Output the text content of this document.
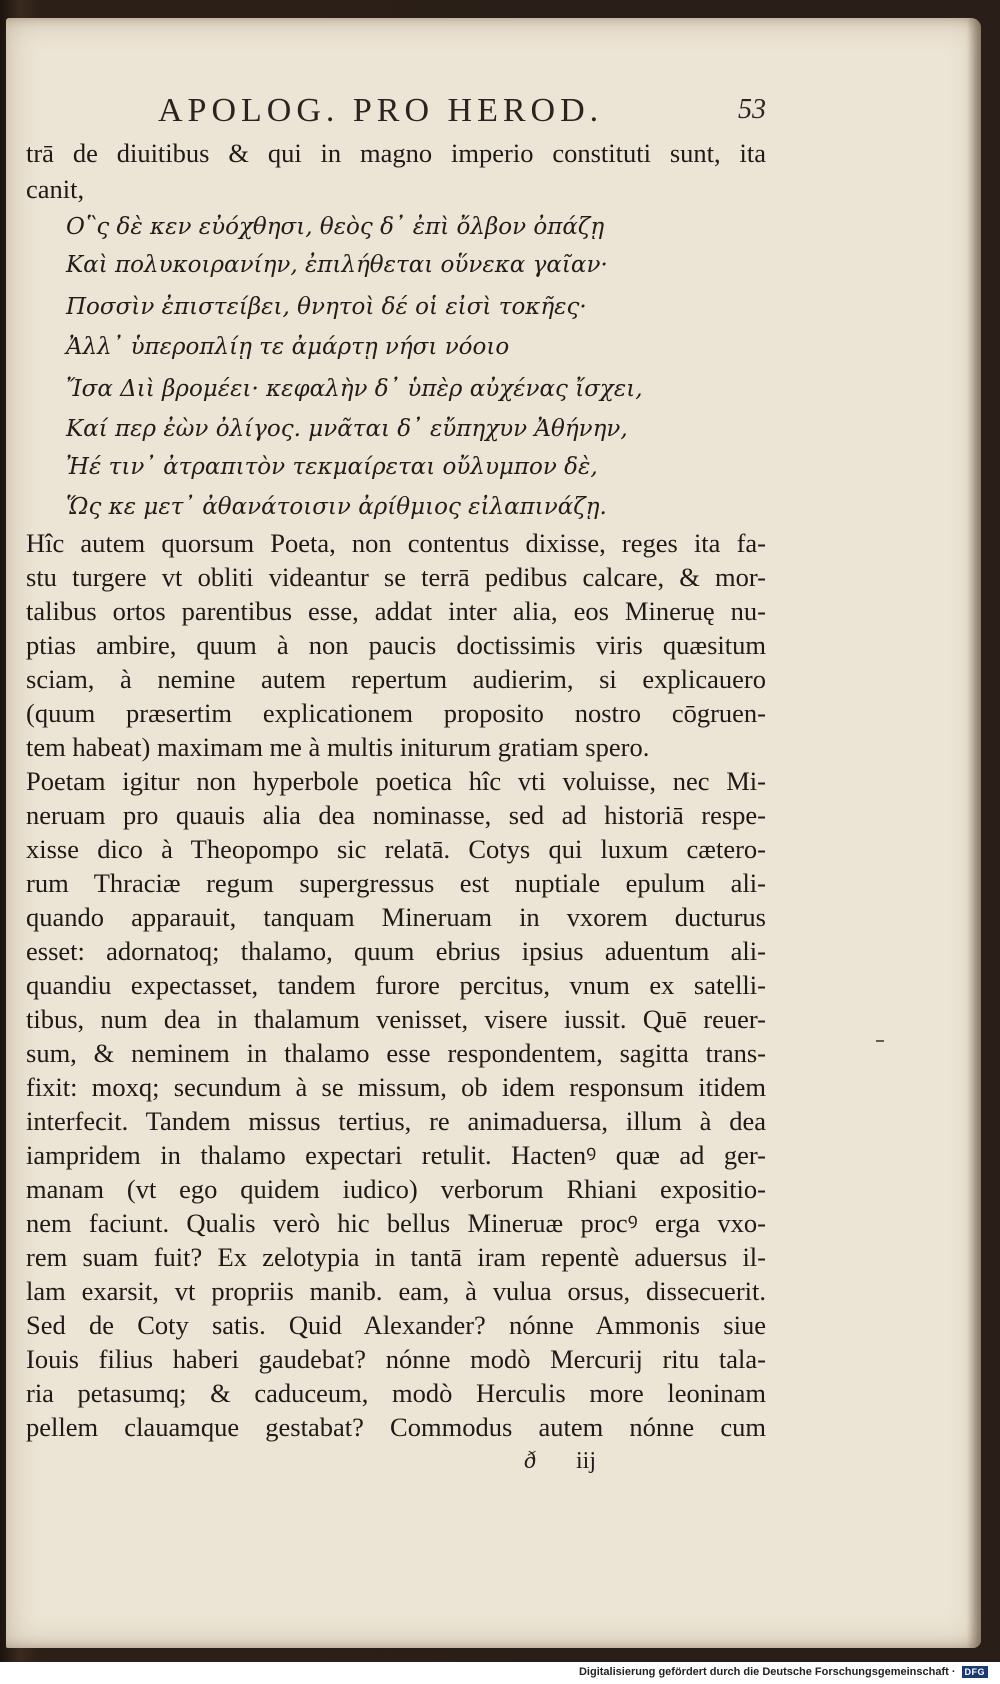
APOLOG. PRO HEROD.	53
trā de diuitibus & qui in magno imperio constituti sunt, ita
canit,
Ο῝ς δὲ κεν εὐόχθησι, θεὸς δ᾽ ἐπὶ ὄλβον ὀπάζῃ
Καὶ πολυκοιρανίην, ἐπιλήθεται οὕνεκα γαῖαν·
Ποσσὶν ἐπιστείβει, θνητοὶ δέ οἱ εἰσὶ τοκῆες·
Ἀλλ᾽ ὑπεροπλίῃ τε ἀμάρτῃ νήσι νόοιο
Ἴσα Διὶ βρομέει· κεφαλὴν δ᾽ ὑπὲρ αὐχένας ἴσχει,
Καί περ ἐὼν ὀλίγος. μνᾶται δ᾽ εὔπηχυν Ἀθήνην,
Ἠέ τιν᾽ ἀτραπιτὸν τεκμαίρεται οὔλυμπον δὲ,
Ὥς κε μετ᾽ ἀθανάτοισιν ἀρίθμιος εἰλαπινάζῃ.
Hîc autem quorsum Poeta, non contentus dixisse, reges ita fa-
stu turgere vt obliti videantur se terrā pedibus calcare, & mor-
talibus ortos parentibus esse, addat inter alia, eos Mineruę nu-
ptias ambire, quum à non paucis doctissimis viris quæsitum
sciam, à nemine autem repertum audierim, si explicauero
(quum præsertim explicationem proposito nostro cōgruen-
tem habeat) maximam me à multis initurum gratiam spero.
Poetam igitur non hyperbole poetica hîc vti voluisse, nec Mi-
neruam pro quauis alia dea nominasse, sed ad historiā respe-
xisse dico à Theopompo sic relatā. Cotys qui luxum cætero-
rum Thraciæ regum supergressus est nuptiale epulum ali-
quando apparauit, tanquam Mineruam in vxorem ducturus
esset: adornatoq; thalamo, quum ebrius ipsius aduentum ali-
quandiu expectasset, tandem furore percitus, vnum ex satelli-
tibus, num dea in thalamum venisset, visere iussit. Quē reuer-
sum, & neminem in thalamo esse respondentem, sagitta trans-
fixit: moxq; secundum à se missum, ob idem responsum itidem
interfecit. Tandem missus tertius, re animaduersa, illum à dea
iampridem in thalamo expectari retulit. Hactenꝰ quæ ad ger-
manam (vt ego quidem iudico) verborum Rhiani expositio-
nem faciunt. Qualis verò hic bellus Mineruæ procꝰ erga vxo-
rem suam fuit? Ex zelotypia in tantā iram repentè aduersus il-
lam exarsit, vt propriis manib. eam, à vulua orsus, dissecuerit.
Sed de Coty satis. Quid Alexander? nónne Ammonis siue
Iouis filius haberi gaudebat? nónne modò Mercurij ritu tala-
ria petasumq; & caduceum, modò Herculis more leoninam
pellem clauamque gestabat? Commodus autem nónne cum
ð iij
Digitalisierung gefördert durch die Deutsche Forschungsgemeinschaft ·	DFG
